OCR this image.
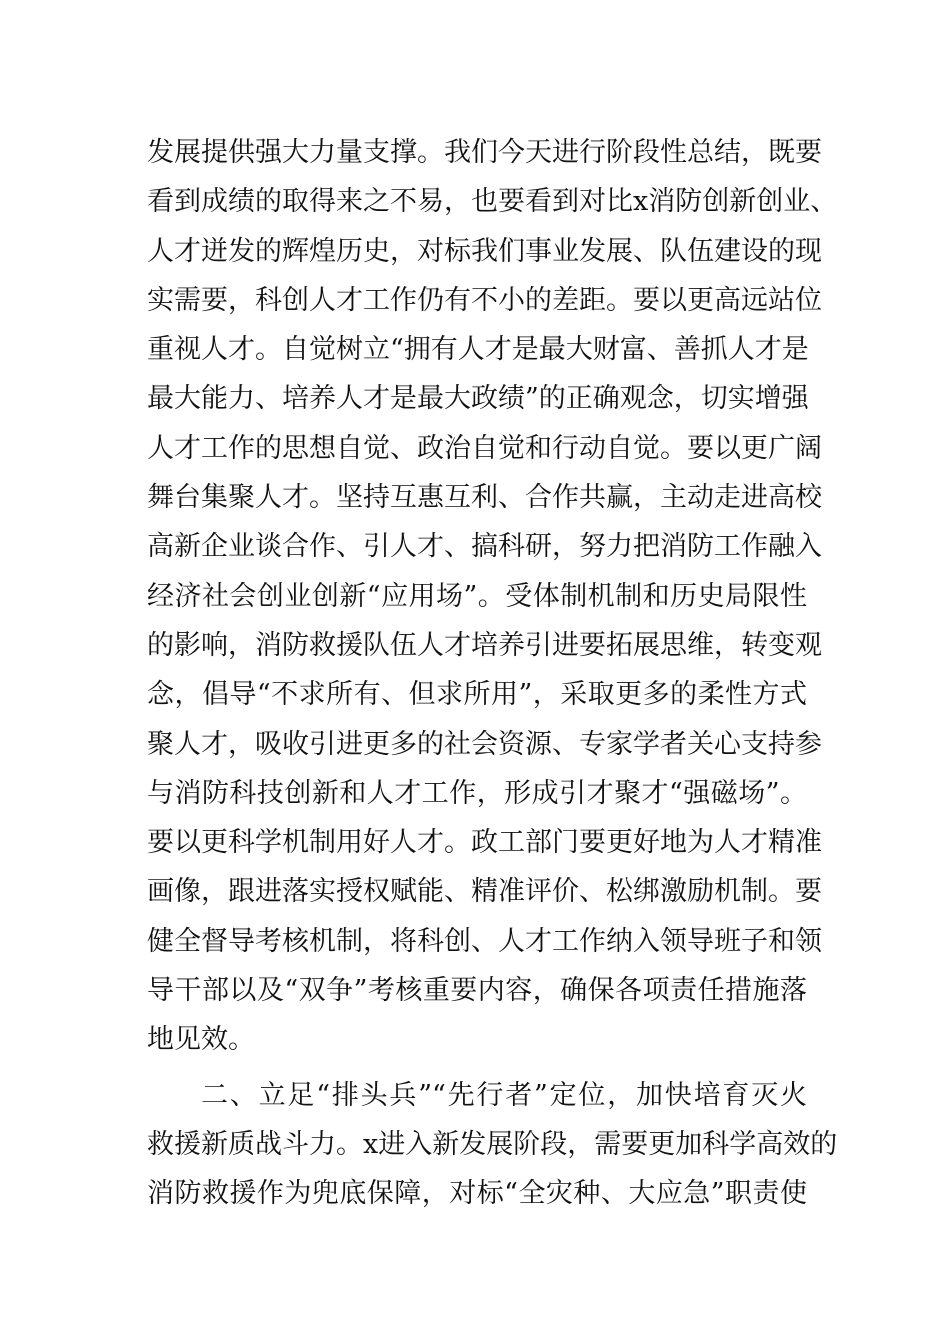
发展提供强大力量支撑。我们今天进行阶段性总结，既要
看到成绩的取得来之不易，也要看到对比x消防创新创业、
人才迸发的辉煌历史，对标我们事业发展、队伍建设的现
实需要，科创人才工作仍有不小的差距。要以更高远站位
重视人才。自觉树立“拥有人才是最大财富、善抓人才是
最大能力、培养人才是最大政绩”的正确观念，切实增强
人才工作的思想自觉、政治自觉和行动自觉。要以更广阔
舞台集聚人才。坚持互惠互利、合作共赢，主动走进高校
高新企业谈合作、引人才、搞科研，努力把消防工作融入
经济社会创业创新“应用场”。受体制机制和历史局限性
的影响，消防救援队伍人才培养引进要拓展思维，转变观
念，倡导“不求所有、但求所用”，采取更多的柔性方式
聚人才，吸收引进更多的社会资源、专家学者关心支持参
与消防科技创新和人才工作，形成引才聚才“强磁场”。
要以更科学机制用好人才。政工部门要更好地为人才精准
画像，跟进落实授权赋能、精准评价、松绑激励机制。要
健全督导考核机制，将科创、人才工作纳入领导班子和领
导干部以及“双争”考核重要内容，确保各项责任措施落
地见效。
二、立足“排头兵”“先行者”定位，加快培育灭火
救援新质战斗力。x进入新发展阶段，需要更加科学高效的
消防救援作为兜底保障，对标“全灾种、大应急”职责使
